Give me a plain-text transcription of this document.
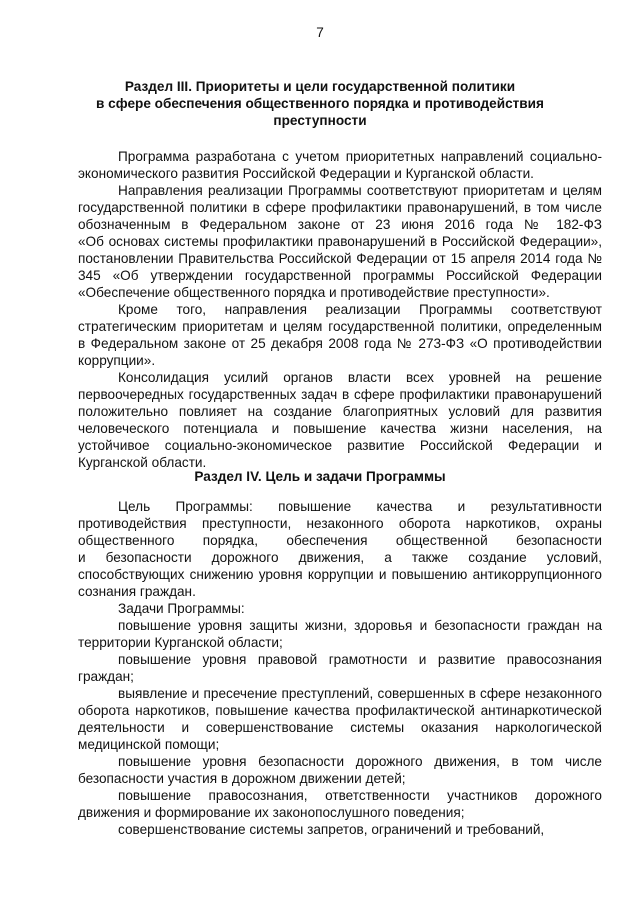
7
Раздел III. Приоритеты и цели государственной политики
в сфере обеспечения общественного порядка и противодействия
преступности
Программа разработана с учетом приоритетных направлений социально-
экономического развития Российской Федерации и Курганской области.
Направления реализации Программы соответствуют приоритетам и целям
государственной политики в сфере профилактики правонарушений, в том числе
обозначенным в Федеральном законе от 23 июня 2016 года № 182-ФЗ
«Об основах системы профилактики правонарушений в Российской Федерации»,
постановлении Правительства Российской Федерации от 15 апреля 2014 года №
345 «Об утверждении государственной программы Российской Федерации
«Обеспечение общественного порядка и противодействие преступности».
Кроме того, направления реализации Программы соответствуют
стратегическим приоритетам и целям государственной политики, определенным
в Федеральном законе от 25 декабря 2008 года № 273-ФЗ «О противодействии
коррупции».
Консолидация усилий органов власти всех уровней на решение
первоочередных государственных задач в сфере профилактики правонарушений
положительно повлияет на создание благоприятных условий для развития
человеческого потенциала и повышение качества жизни населения, на
устойчивое социально-экономическое развитие Российской Федерации и
Курганской области.
Раздел IV. Цель и задачи Программы
Цель Программы: повышение качества и результативности
противодействия преступности, незаконного оборота наркотиков, охраны
общественного порядка, обеспечения общественной безопасности
и безопасности дорожного движения, а также создание условий,
способствующих снижению уровня коррупции и повышению антикоррупционного
сознания граждан.
Задачи Программы:
повышение уровня защиты жизни, здоровья и безопасности граждан на
территории Курганской области;
повышение уровня правовой грамотности и развитие правосознания
граждан;
выявление и пресечение преступлений, совершенных в сфере незаконного
оборота наркотиков, повышение качества профилактической антинаркотической
деятельности и совершенствование системы оказания наркологической
медицинской помощи;
повышение уровня безопасности дорожного движения, в том числе
безопасности участия в дорожном движении детей;
повышение правосознания, ответственности участников дорожного
движения и формирование их законопослушного поведения;
совершенствование системы запретов, ограничений и требований,
